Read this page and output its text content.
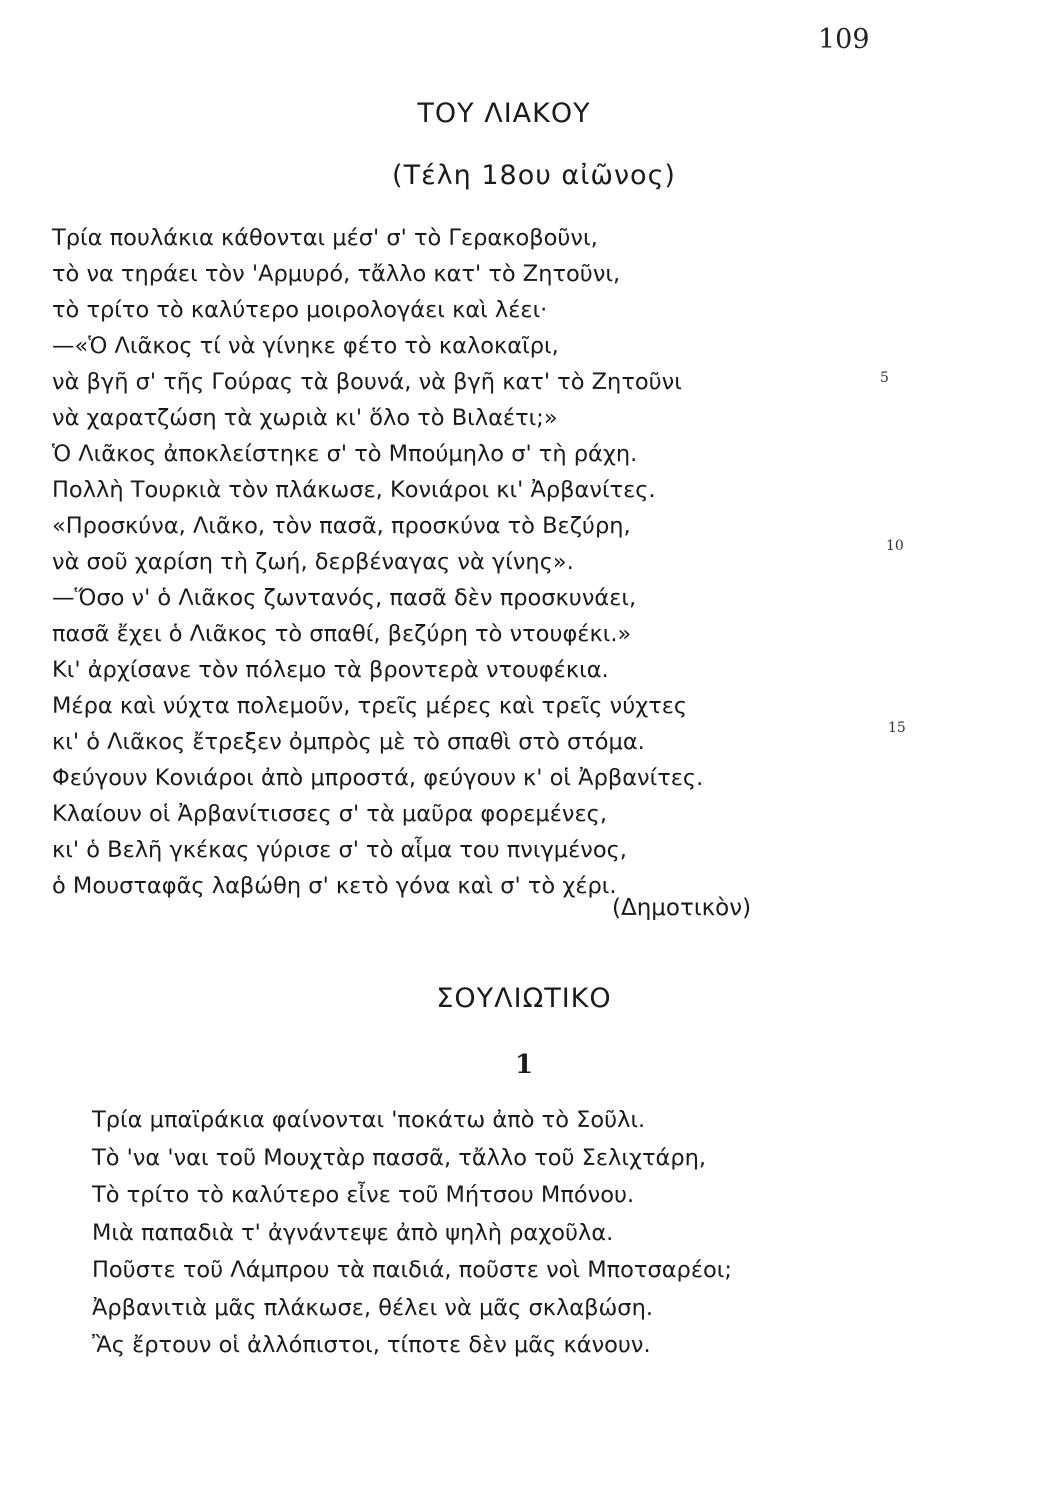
109
ΤΟΥ ΛΙΑΚΟΥ
(Τέλη 18ου αἰῶνος)
Τρία πουλάκια κάθονται μέσ' σ' τὸ Γερακοβοῦνι,
τὸ να τηράει τὸν 'Αρμυρό, τἄλλο κατ' τὸ Ζητοῦνι,
τὸ τρίτο τὸ καλύτερο μοιρολογάει καὶ λέει·
—«Ὁ Λιᾶκος τί νὰ γίνηκε φέτο τὸ καλοκαῖρι,
νὰ βγῆ σ' τῆς Γούρας τὰ βουνά, νὰ βγῆ κατ' τὸ Ζητοῦνι
νὰ χαρατζώση τὰ χωριὰ κι' ὅλο τὸ Βιλαέτι;»
Ὁ Λιᾶκος ἀποκλείστηκε σ' τὸ Μπούμηλο σ' τὴ ράχη.
Πολλὴ Τουρκιὰ τὸν πλάκωσε, Κονιάροι κι' Ἀρβανίτες.
«Προσκύνα, Λιᾶκο, τὸν πασᾶ, προσκύνα τὸ Βεζύρη,
νὰ σοῦ χαρίση τὴ ζωή, δερβέναγας νὰ γίνης».
—Ὅσο ν' ὁ Λιᾶκος ζωντανός, πασᾶ δὲν προσκυνάει,
πασᾶ ἔχει ὁ Λιᾶκος τὸ σπαθί, βεζύρη τὸ ντουφέκι.»
Κι' ἀρχίσανε τὸν πόλεμο τὰ βροντερὰ ντουφέκια.
Μέρα καὶ νύχτα πολεμοῦν, τρεῖς μέρες καὶ τρεῖς νύχτες
κι' ὁ Λιᾶκος ἔτρεξεν ὀμπρὸς μὲ τὸ σπαθὶ στὸ στόμα.
Φεύγουν Κονιάροι ἀπὸ μπροστά, φεύγουν κ' οἱ Ἀρβανίτες.
Κλαίουν οἱ Ἀρβανίτισσες σ' τὰ μαῦρα φορεμένες,
κι' ὁ Βελῆ γκέκας γύρισε σ' τὸ αἷμα του πνιγμένος,
ὁ Μουσταφᾶς λαβώθη σ' κετὸ γόνα καὶ σ' τὸ χέρι.
5
10
15
(Δημοτικὸν)
ΣΟΥΛΙΩΤΙΚΟ
1
Τρία μπαϊράκια φαίνονται 'ποκάτω ἀπὸ τὸ Σοῦλι.
Τὸ 'να 'ναι τοῦ Μουχτὰρ πασσᾶ, τἄλλο τοῦ Σελιχτάρη,
Τὸ τρίτο τὸ καλύτερο εἶνε τοῦ Μήτσου Μπόνου.
Μιὰ παπαδιὰ τ' ἀγνάντεψε ἀπὸ ψηλὴ ραχοῦλα.
Ποῦστε τοῦ Λάμπρου τὰ παιδιά, ποῦστε νοὶ Μποτσαρέοι;
Ἀρβανιτιὰ μᾶς πλάκωσε, θέλει νὰ μᾶς σκλαβώση.
Ἂς ἔρτουν οἱ ἀλλόπιστοι, τίποτε δὲν μᾶς κάνουν.
